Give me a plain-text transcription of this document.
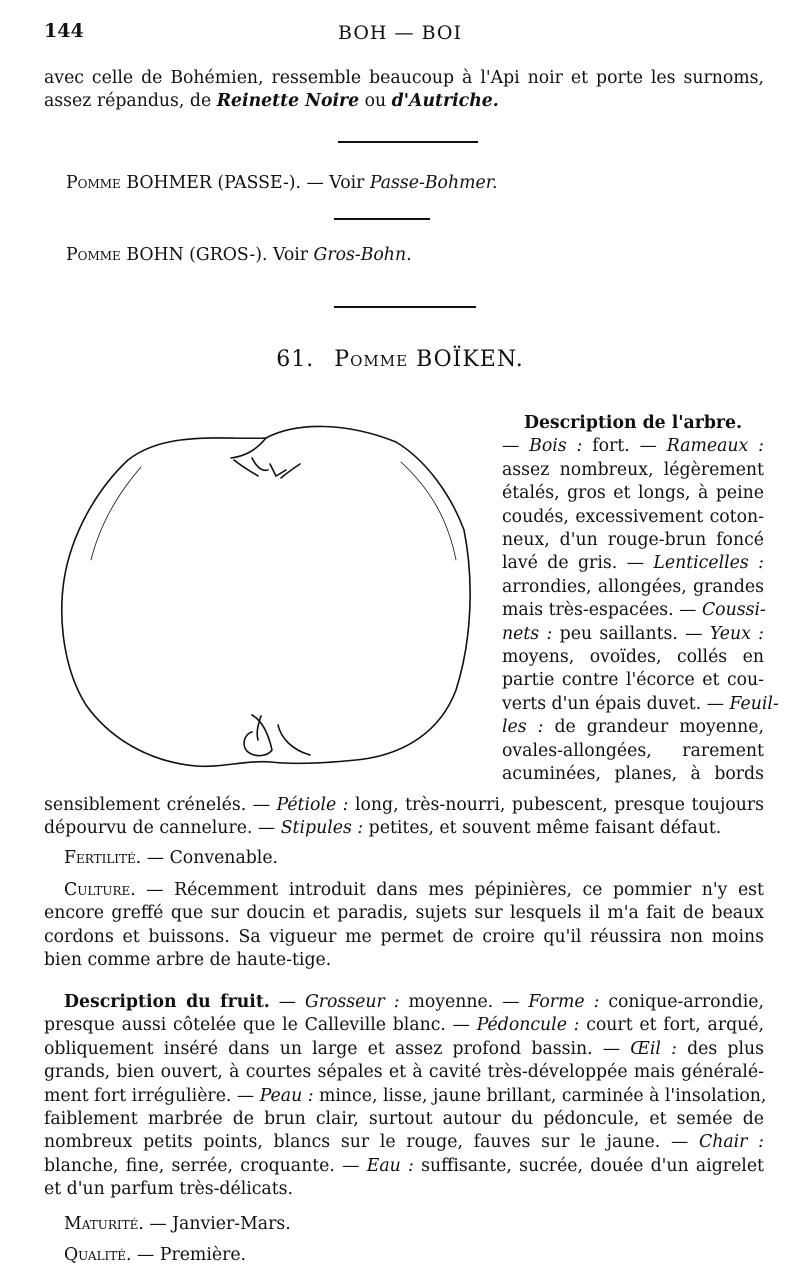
144	BOH — BOI
avec celle de Bohémien, ressemble beaucoup à l'Api noir et porte les surnoms,
assez répandus, de Reinette Noire ou d'Autriche.
Pomme BOHMER (PASSE-). — Voir Passe-Bohmer.
Pomme BOHN (GROS-). Voir Gros-Bohn.
61. Pomme BOÏKEN.
Description de l'arbre.
— Bois : fort. — Rameaux :
assez nombreux, légèrement
étalés, gros et longs, à peine
coudés, excessivement coton-
neux, d'un rouge-brun foncé
lavé de gris. — Lenticelles :
arrondies, allongées, grandes
mais très-espacées. — Coussi-
nets : peu saillants. — Yeux :
moyens, ovoïdes, collés en
partie contre l'écorce et cou-
verts d'un épais duvet. — Feuil-
les : de grandeur moyenne,
ovales-allongées, rarement
acuminées, planes, à bords
sensiblement crénelés. — Pétiole : long, très-nourri, pubescent, presque toujours
dépourvu de cannelure. — Stipules : petites, et souvent même faisant défaut.
Fertilité. — Convenable.
Culture. — Récemment introduit dans mes pépinières, ce pommier n'y est
encore greffé que sur doucin et paradis, sujets sur lesquels il m'a fait de beaux
cordons et buissons. Sa vigueur me permet de croire qu'il réussira non moins
bien comme arbre de haute-tige.
Description du fruit. — Grosseur : moyenne. — Forme : conique-arrondie,
presque aussi côtelée que le Calleville blanc. — Pédoncule : court et fort, arqué,
obliquement inséré dans un large et assez profond bassin. — Œil : des plus
grands, bien ouvert, à courtes sépales et à cavité très-développée mais généralé-
ment fort irrégulière. — Peau : mince, lisse, jaune brillant, carminée à l'insolation,
faiblement marbrée de brun clair, surtout autour du pédoncule, et semée de
nombreux petits points, blancs sur le rouge, fauves sur le jaune. — Chair :
blanche, fine, serrée, croquante. — Eau : suffisante, sucrée, douée d'un aigrelet
et d'un parfum très-délicats.
Maturité. — Janvier-Mars.
Qualité. — Première.
